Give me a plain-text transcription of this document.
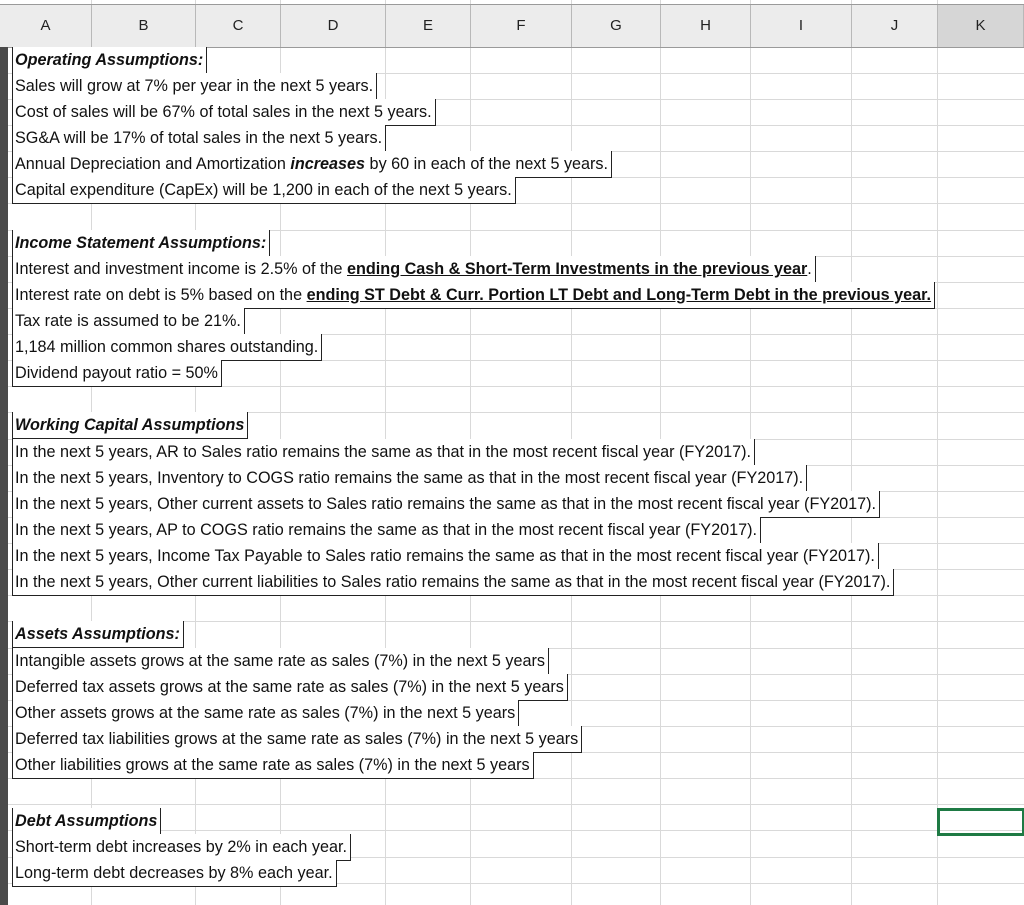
A	B	C	D	E	F	G	H	I	J	K
Operating Assumptions:
Sales will grow at 7% per year in the next 5 years.
Cost of sales will be 67% of total sales in the next 5 years.
SG&A will be 17% of total sales in the next 5 years.
Annual Depreciation and Amortization increases by 60 in each of the next 5 years.
Capital expenditure (CapEx) will be 1,200 in each of the next 5 years.
Income Statement Assumptions:
Interest and investment income is 2.5% of the ending Cash & Short-Term Investments in the previous year.
Interest rate on debt is 5% based on the ending ST Debt & Curr. Portion LT Debt and Long-Term Debt in the previous year.
Tax rate is assumed to be 21%.
1,184 million common shares outstanding.
Dividend payout ratio = 50%
Working Capital Assumptions
In the next 5 years, AR to Sales ratio remains the same as that in the most recent fiscal year (FY2017).
In the next 5 years, Inventory to COGS ratio remains the same as that in the most recent fiscal year (FY2017).
In the next 5 years, Other current assets to Sales ratio remains the same as that in the most recent fiscal year (FY2017).
In the next 5 years, AP to COGS ratio remains the same as that in the most recent fiscal year (FY2017).
In the next 5 years, Income Tax Payable to Sales ratio remains the same as that in the most recent fiscal year (FY2017).
In the next 5 years, Other current liabilities to Sales ratio remains the same as that in the most recent fiscal year (FY2017).
Assets Assumptions:
Intangible assets grows at the same rate as sales (7%) in the next 5 years
Deferred tax assets grows at the same rate as sales (7%) in the next 5 years
Other assets grows at the same rate as sales (7%) in the next 5 years
Deferred tax liabilities grows at the same rate as sales (7%) in the next 5 years
Other liabilities grows at the same rate as sales (7%) in the next 5 years
Debt Assumptions
Short-term debt increases by 2% in each year.
Long-term debt decreases by 8% each year.
